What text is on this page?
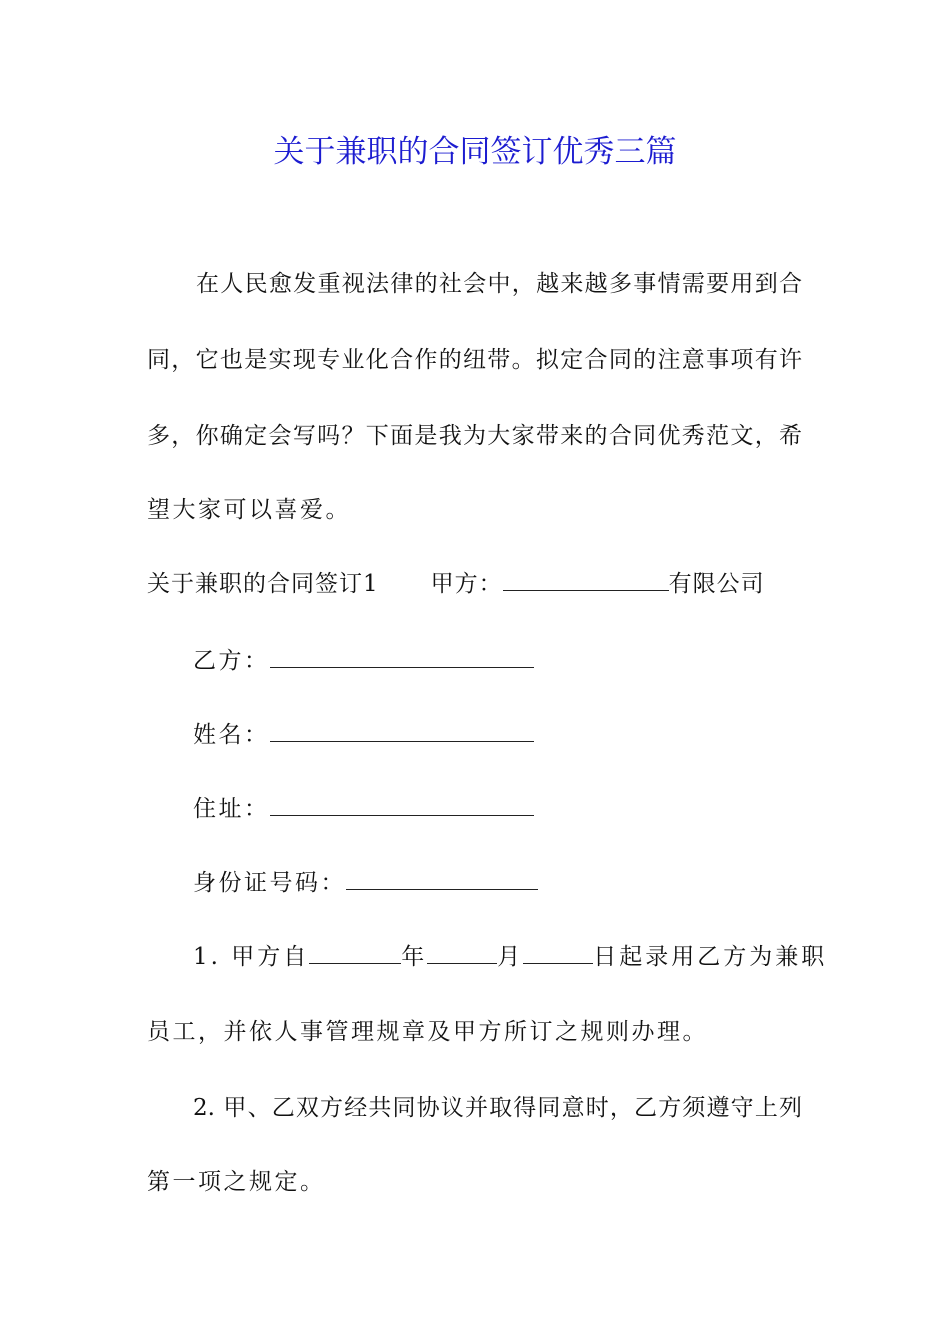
关于兼职的合同签订优秀三篇
在人民愈发重视法律的社会中，越来越多事情需要用到合
同，它也是实现专业化合作的纽带。拟定合同的注意事项有许
多，你确定会写吗？下面是我为大家带来的合同优秀范文，希
望大家可以喜爱。
关于兼职的合同签订1 甲方：	有限公司
乙方：
姓名：
住址：
身份证号码：
1. 甲方自	年	月	日起录用乙方为兼职
员工，并依人事管理规章及甲方所订之规则办理。
2. 甲、乙双方经共同协议并取得同意时，乙方须遵守上列
第一项之规定。
